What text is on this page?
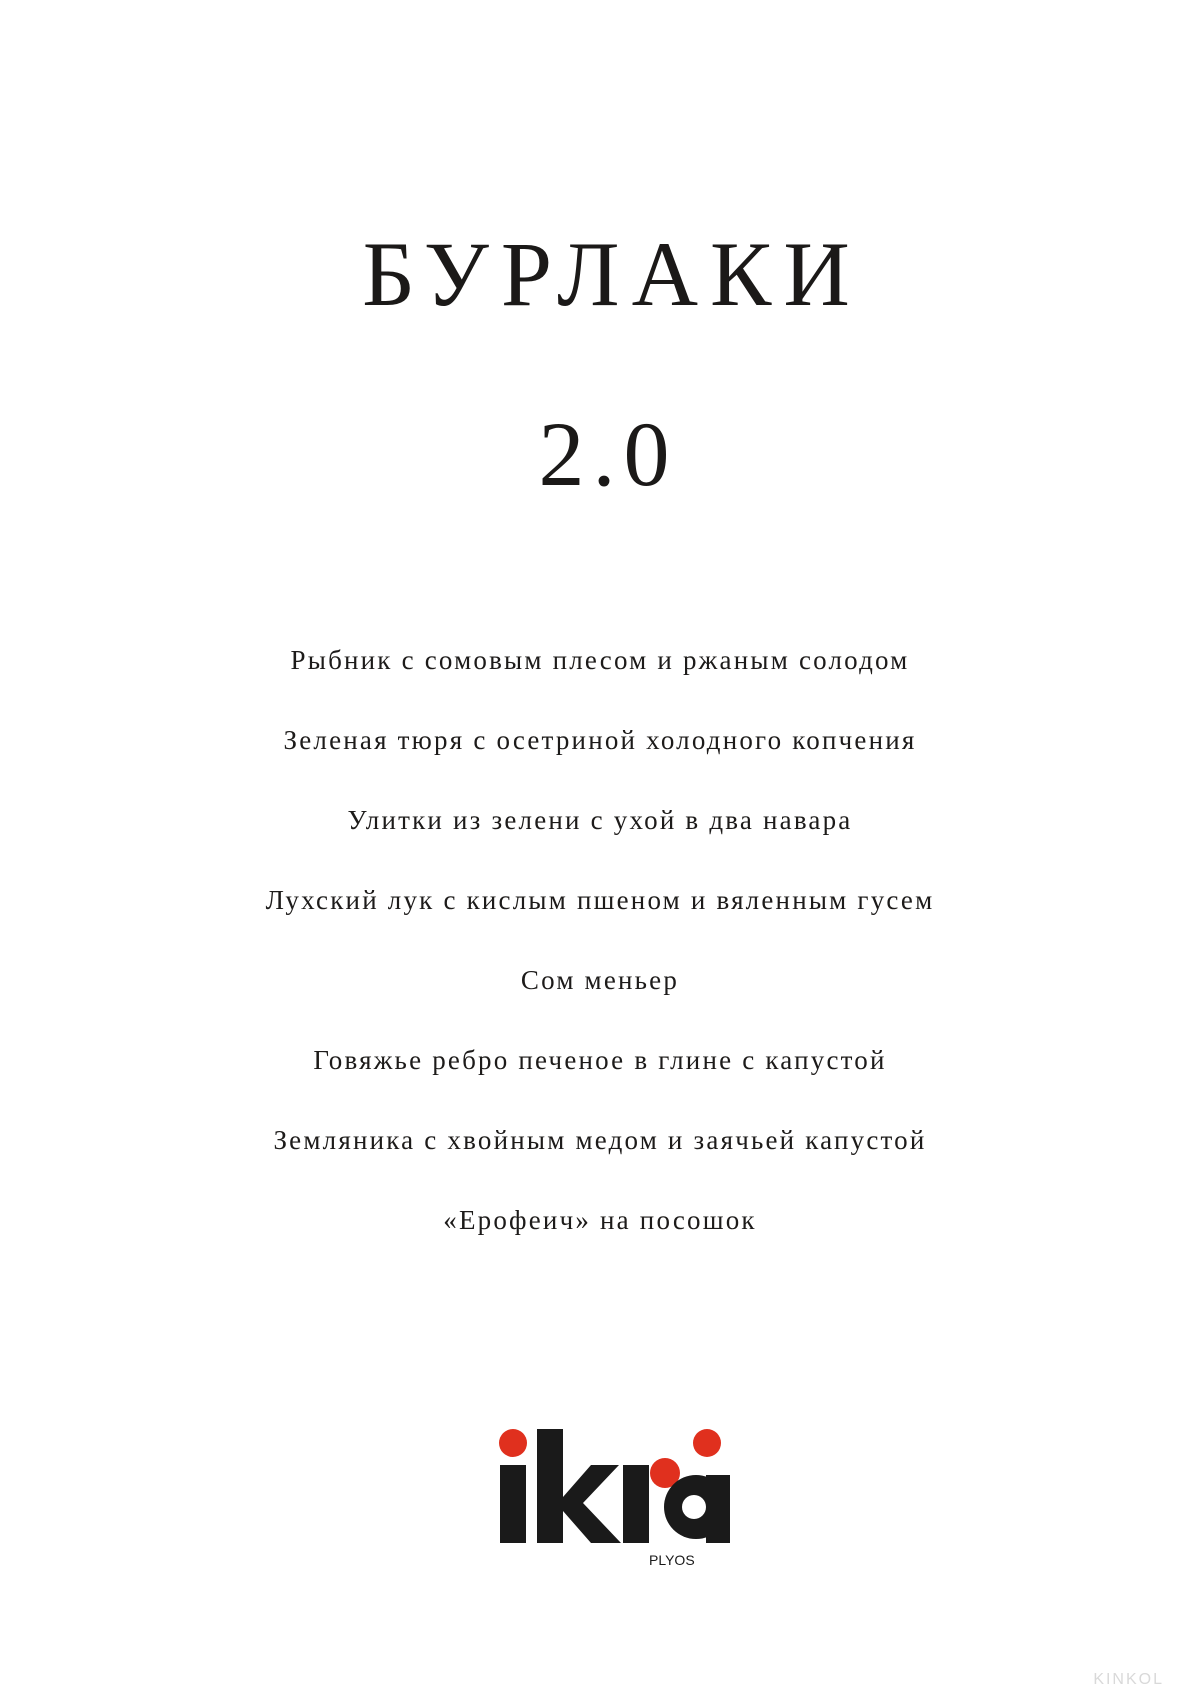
БУРЛАКИ
2.0
Рыбник с сомовым плесом и ржаным солодом
Зеленая тюря с осетриной холодного копчения
Улитки из зелени с ухой в два навара
Лухский лук с кислым пшеном и вяленным гусем
Сом меньер
Говяжье ребро печеное в глине с капустой
Земляника с хвойным медом и заячьей капустой
«Ерофеич» на посошок
PLYOS
KINKOL
